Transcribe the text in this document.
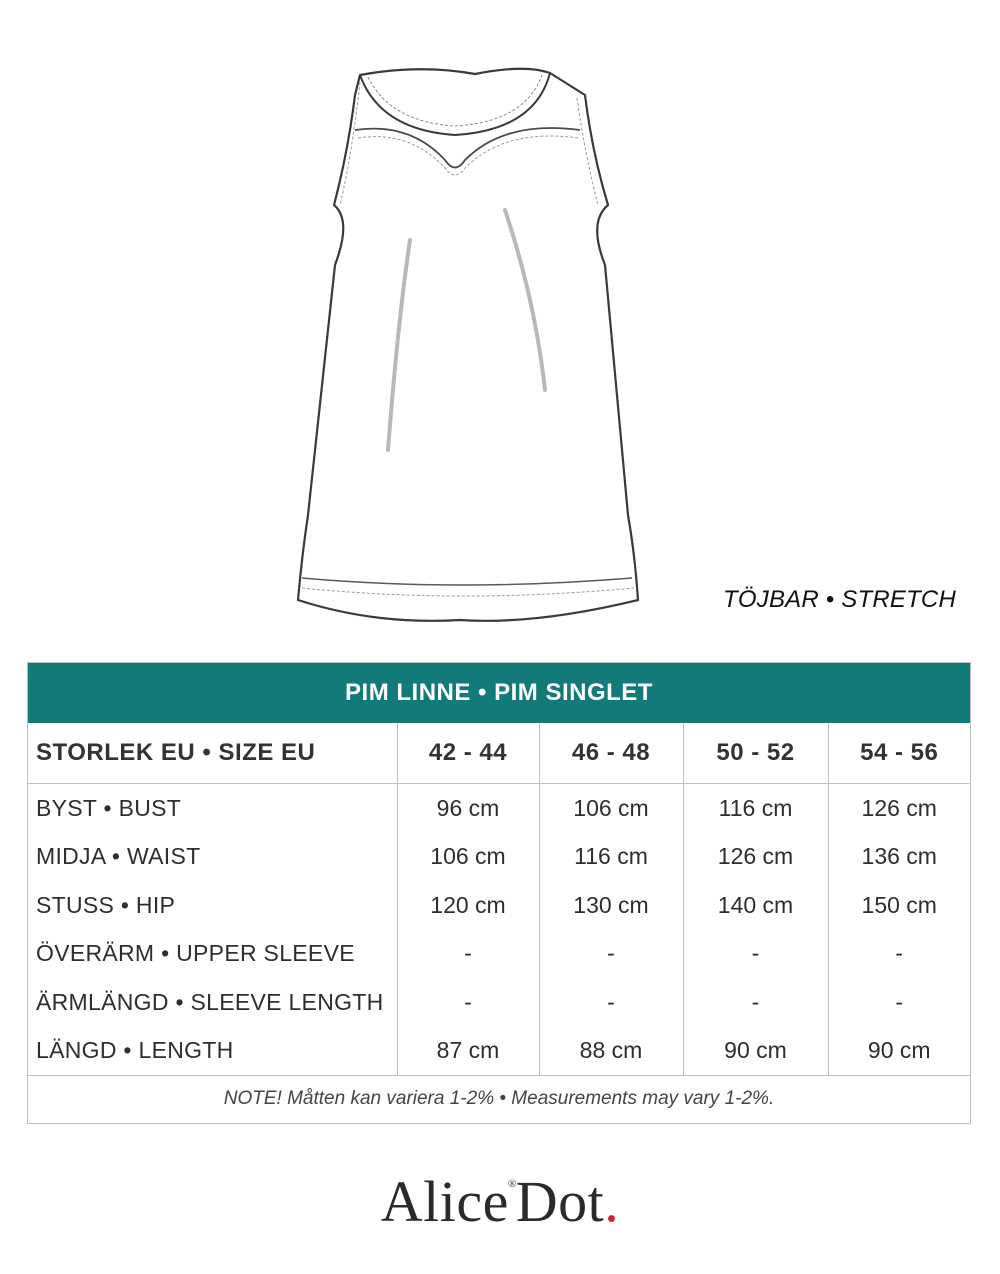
TÖJBAR • STRETCH
PIM LINNE • PIM SINGLET
STORLEK EU • SIZE EU	42 - 44	46 - 48	50 - 52	54 - 56
BYST • BUST	96 cm	106 cm	116 cm	126 cm
MIDJA • WAIST	106 cm	116 cm	126 cm	136 cm
STUSS • HIP	120 cm	130 cm	140 cm	150 cm
ÖVERÄRM • UPPER SLEEVE	-	-	-	-
ÄRMLÄNGD • SLEEVE LENGTH	-	-	-	-
LÄNGD • LENGTH	87 cm	88 cm	90 cm	90 cm
NOTE! Måtten kan variera 1-2% • Measurements may vary 1-2%.
Alice®Dot.
